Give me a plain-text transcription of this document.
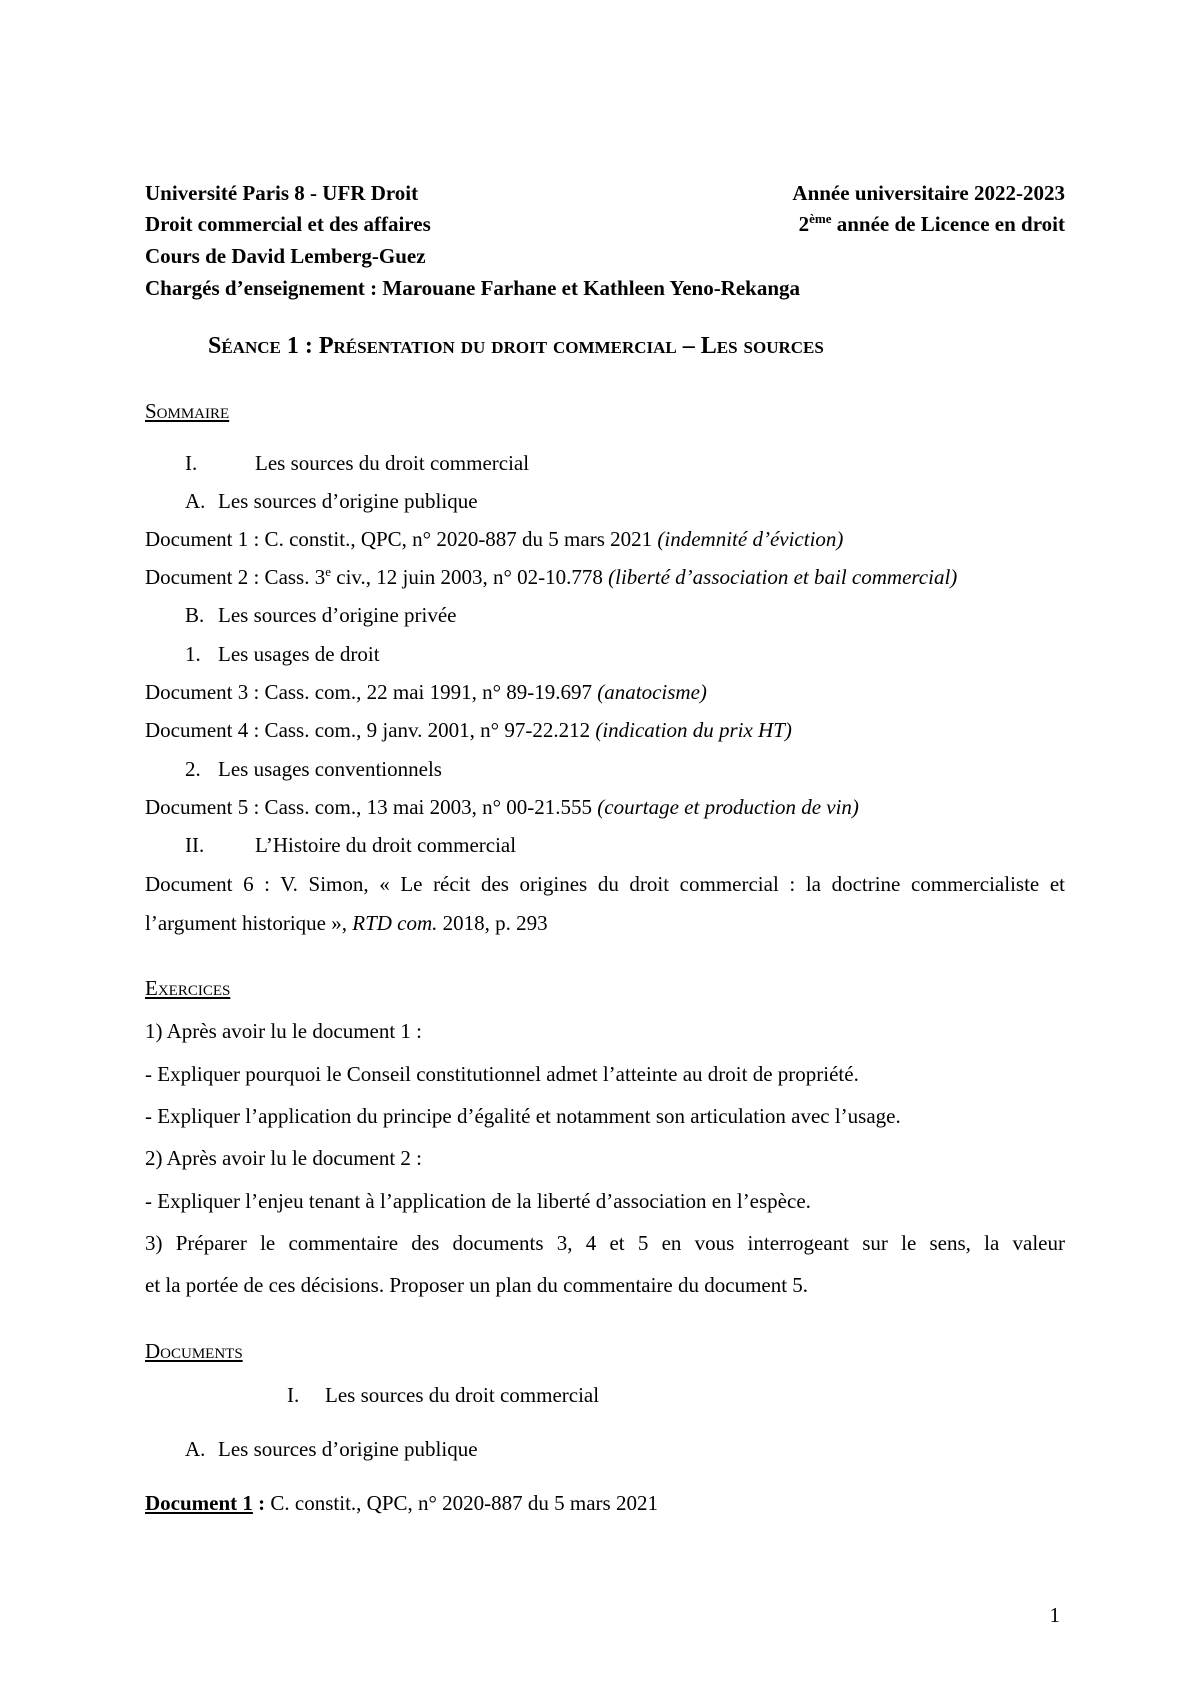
Université Paris 8 - UFR Droit	Année universitaire 2022-2023
Droit commercial et des affaires	2ème année de Licence en droit
Cours de David Lemberg-Guez
Chargés d’enseignement : Marouane Farhane et Kathleen Yeno-Rekanga
Séance 1 : Présentation du droit commercial – Les sources
Sommaire
I.	Les sources du droit commercial
A. Les sources d’origine publique
Document 1 : C. constit., QPC, n° 2020-887 du 5 mars 2021 (indemnité d’éviction)
Document 2 : Cass. 3e civ., 12 juin 2003, n° 02-10.778 (liberté d’association et bail commercial)
B. Les sources d’origine privée
1. Les usages de droit
Document 3 : Cass. com., 22 mai 1991, n° 89-19.697 (anatocisme)
Document 4 : Cass. com., 9 janv. 2001, n° 97-22.212 (indication du prix HT)
2. Les usages conventionnels
Document 5 : Cass. com., 13 mai 2003, n° 00-21.555 (courtage et production de vin)
II. L’Histoire du droit commercial
Document 6 : V. Simon, « Le récit des origines du droit commercial : la doctrine commercialiste et
l’argument historique », RTD com. 2018, p. 293
Exercices
1) Après avoir lu le document 1 :
- Expliquer pourquoi le Conseil constitutionnel admet l’atteinte au droit de propriété.
- Expliquer l’application du principe d’égalité et notamment son articulation avec l’usage.
2) Après avoir lu le document 2 :
- Expliquer l’enjeu tenant à l’application de la liberté d’association en l’espèce.
3) Préparer le commentaire des documents 3, 4 et 5 en vous interrogeant sur le sens, la valeur
et la portée de ces décisions. Proposer un plan du commentaire du document 5.
Documents
I. Les sources du droit commercial
A. Les sources d’origine publique
Document 1 : C. constit., QPC, n° 2020-887 du 5 mars 2021
1
